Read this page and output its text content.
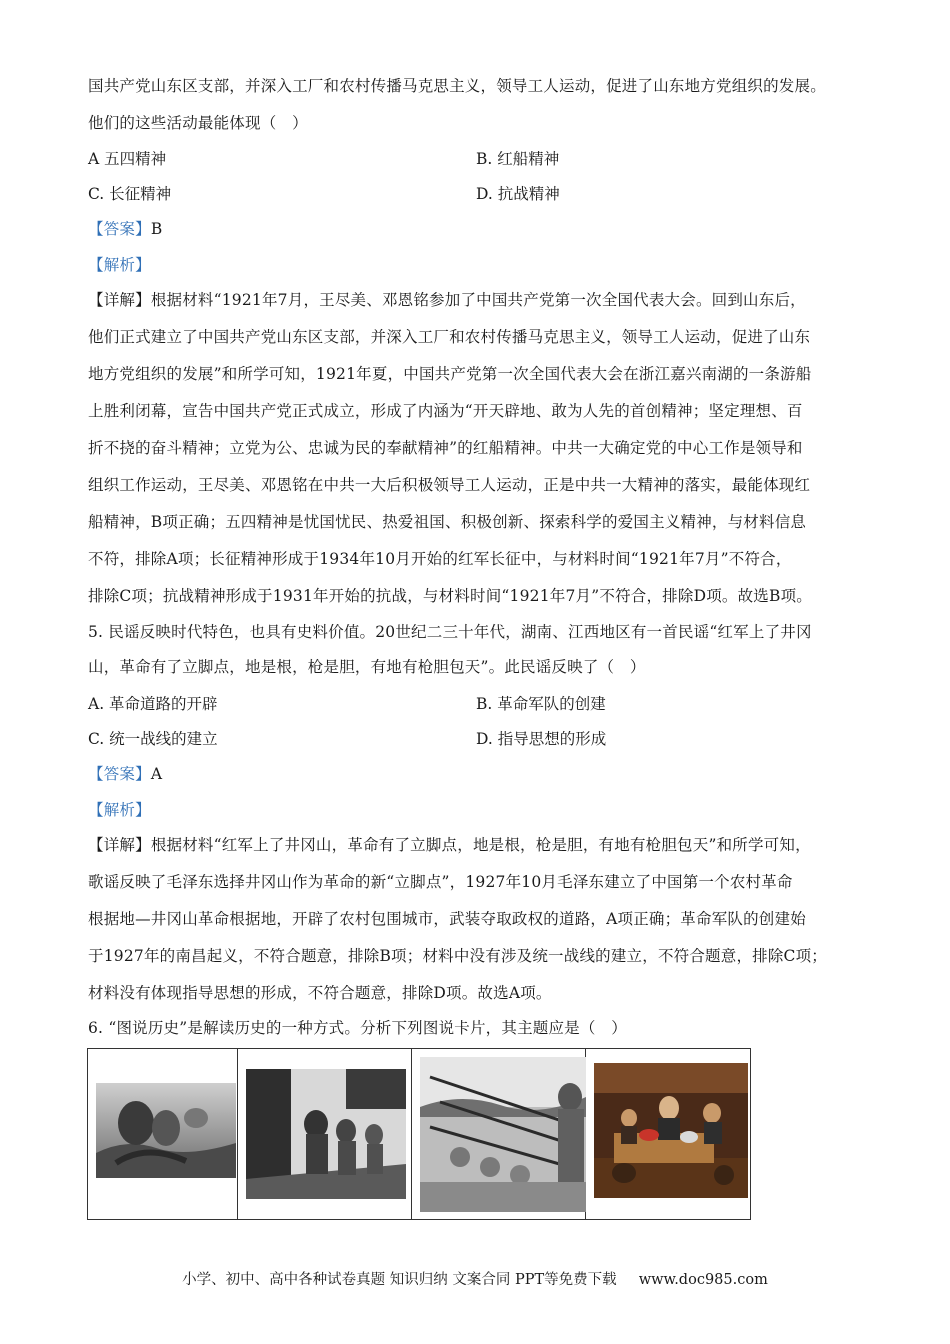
国共产党山东区支部，并深入工厂和农村传播马克思主义，领导工人运动，促进了山东地方党组织的发展。
他们的这些活动最能体现（　）
A 五四精神	B. 红船精神
C. 长征精神	D. 抗战精神
【答案】B
【解析】
【详解】根据材料“1921年7月，王尽美、邓恩铭参加了中国共产党第一次全国代表大会。回到山东后，
他们正式建立了中国共产党山东区支部，并深入工厂和农村传播马克思主义，领导工人运动，促进了山东
地方党组织的发展”和所学可知，1921年夏，中国共产党第一次全国代表大会在浙江嘉兴南湖的一条游船
上胜利闭幕，宣告中国共产党正式成立，形成了内涵为“开天辟地、敢为人先的首创精神；坚定理想、百
折不挠的奋斗精神；立党为公、忠诚为民的奉献精神”的红船精神。中共一大确定党的中心工作是领导和
组织工作运动，王尽美、邓恩铭在中共一大后积极领导工人运动，正是中共一大精神的落实，最能体现红
船精神，B项正确；五四精神是忧国忧民、热爱祖国、积极创新、探索科学的爱国主义精神，与材料信息
不符，排除A项；长征精神形成于1934年10月开始的红军长征中，与材料时间“1921年7月”不符合，
排除C项；抗战精神形成于1931年开始的抗战，与材料时间“1921年7月”不符合，排除D项。故选B项。
5. 民谣反映时代特色，也具有史料价值。20世纪二三十年代，湖南、江西地区有一首民谣“红军上了井冈
山，革命有了立脚点，地是根，枪是胆，有地有枪胆包天”。此民谣反映了（　）
A. 革命道路的开辟	B. 革命军队的创建
C. 统一战线的建立	D. 指导思想的形成
【答案】A
【解析】
【详解】根据材料“红军上了井冈山，革命有了立脚点，地是根，枪是胆，有地有枪胆包天”和所学可知，
歌谣反映了毛泽东选择井冈山作为革命的新“立脚点”，1927年10月毛泽东建立了中国第一个农村革命
根据地—井冈山革命根据地，开辟了农村包围城市，武装夺取政权的道路，A项正确；革命军队的创建始
于1927年的南昌起义，不符合题意，排除B项；材料中没有涉及统一战线的建立，不符合题意，排除C项；
材料没有体现指导思想的形成，不符合题意，排除D项。故选A项。
6. “图说历史”是解读历史的一种方式。分析下列图说卡片，其主题应是（　）
小学、初中、高中各种试卷真题 知识归纳 文案合同 PPT等免费下载 www.doc985.com
